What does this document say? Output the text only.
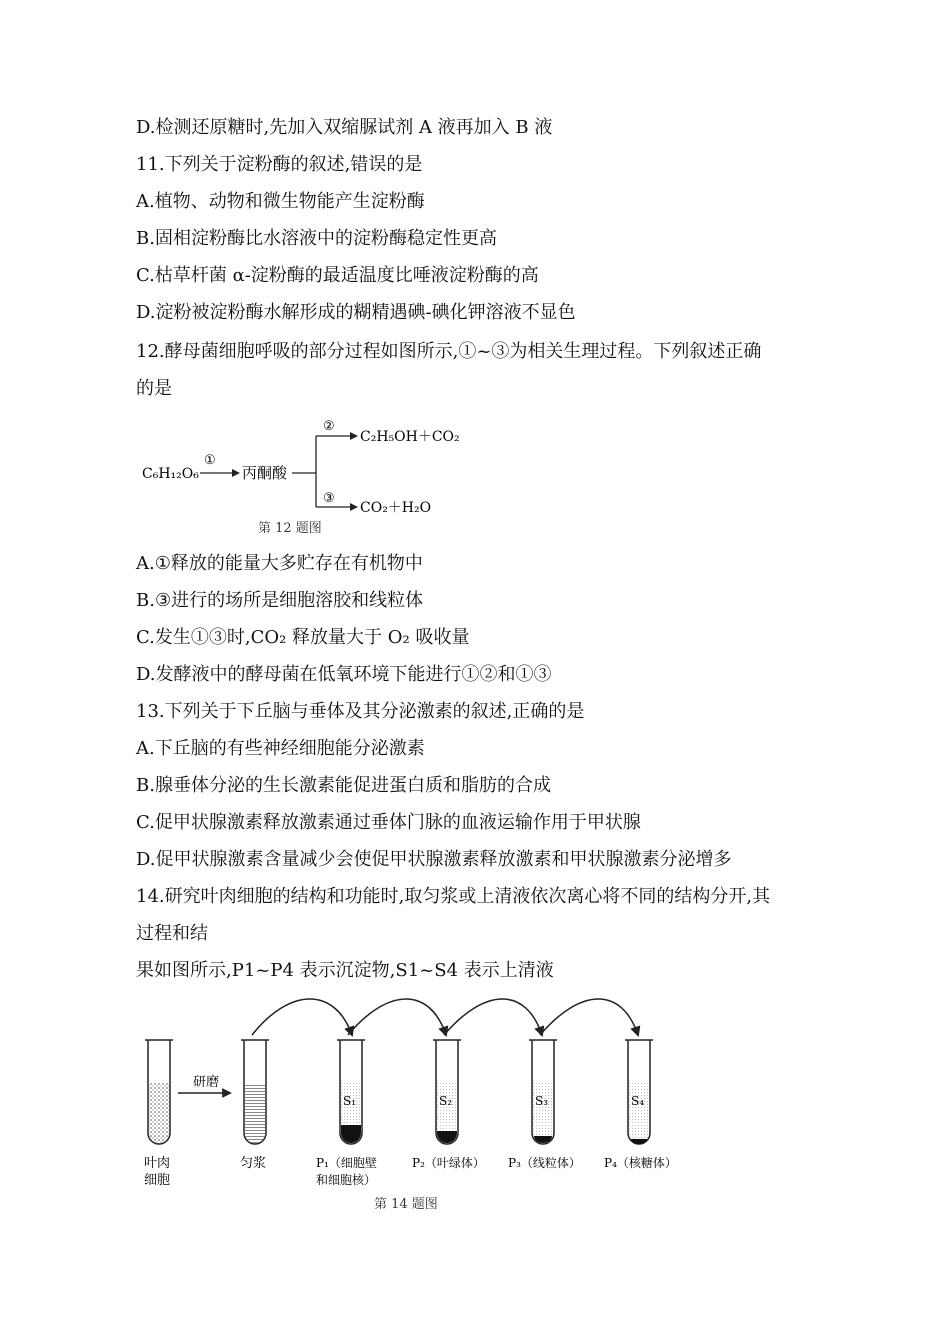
D.检测还原糖时,先加入双缩脲试剂 A 液再加入 B 液
11.下列关于淀粉酶的叙述,错误的是
A.植物、动物和微生物能产生淀粉酶
B.固相淀粉酶比水溶液中的淀粉酶稳定性更高
C.枯草杆菌 α-淀粉酶的最适温度比唾液淀粉酶的高
D.淀粉被淀粉酶水解形成的糊精遇碘-碘化钾溶液不显色
12.酵母菌细胞呼吸的部分过程如图所示,①~③为相关生理过程。下列叙述正确
的是
C₆H₁₂O₆
①
丙酮酸
②
C₂H₅OH＋CO₂
③
CO₂＋H₂O
第 12 题图
A.①释放的能量大多贮存在有机物中
B.③进行的场所是细胞溶胶和线粒体
C.发生①③时,CO₂ 释放量大于 O₂ 吸收量
D.发酵液中的酵母菌在低氧环境下能进行①②和①③
13.下列关于下丘脑与垂体及其分泌激素的叙述,正确的是
A.下丘脑的有些神经细胞能分泌激素
B.腺垂体分泌的生长激素能促进蛋白质和脂肪的合成
C.促甲状腺激素释放激素通过垂体门脉的血液运输作用于甲状腺
D.促甲状腺激素含量减少会使促甲状腺激素释放激素和甲状腺激素分泌增多
14.研究叶肉细胞的结构和功能时,取匀浆或上清液依次离心将不同的结构分开,其
过程和结
果如图所示,P1~P4 表示沉淀物,S1~S4 表示上清液
研磨
S₁	S₂	S₃	S₄
叶肉
细胞
匀浆	P₁（细胞壁
和细胞核）
P₂（叶绿体） P₃（线粒体） P₄（核糖体）
第 14 题图
